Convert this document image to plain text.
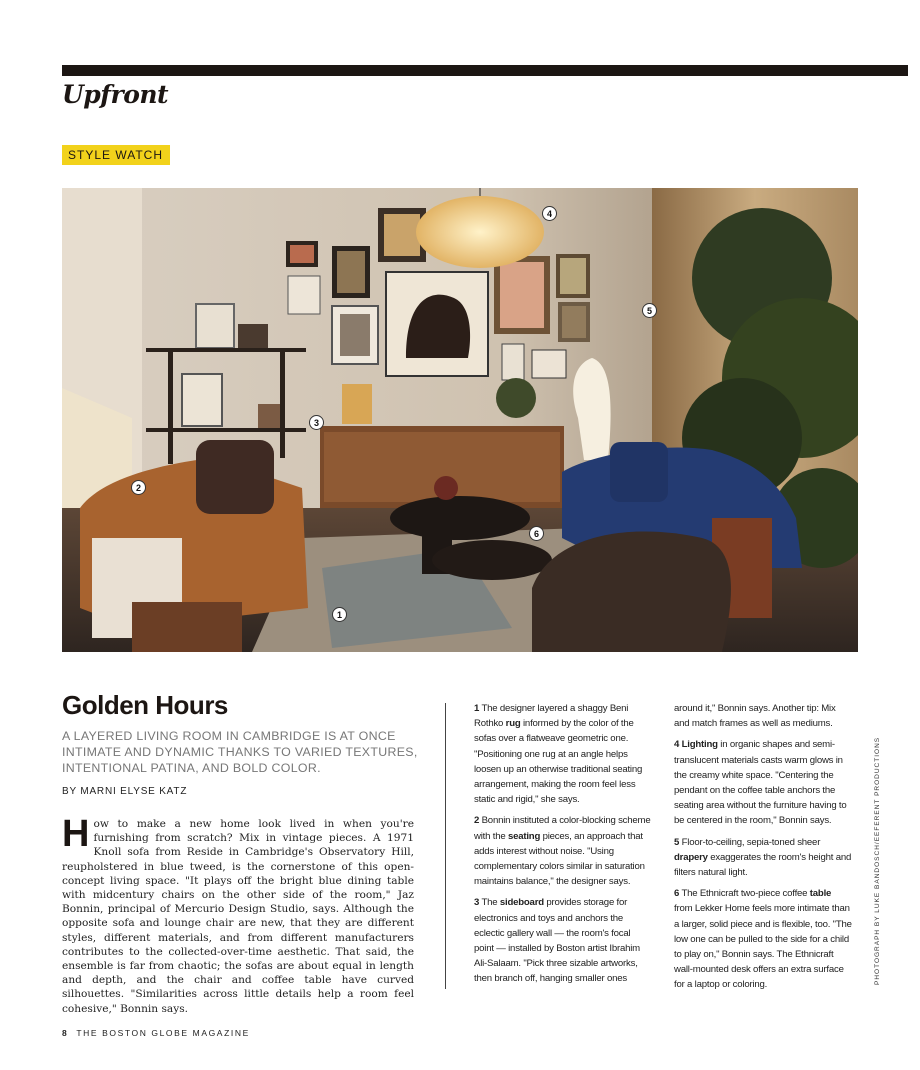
Upfront
STYLE WATCH
1
2
3
4
5
6
Golden Hours
A LAYERED LIVING ROOM IN CAMBRIDGE IS AT ONCE INTIMATE AND DYNAMIC THANKS TO VARIED TEXTURES, INTENTIONAL PATINA, AND BOLD COLOR.
BY MARNI ELYSE KATZ
How to make a new home look lived in when you're furnishing from scratch? Mix in vintage pieces. A 1971 Knoll sofa from Reside in Cambridge's Observatory Hill, reupholstered in blue tweed, is the cornerstone of this open-concept living space. "It plays off the bright blue dining table with midcentury chairs on the other side of the room," Jaz Bonnin, principal of Mercurio Design Studio, says. Although the opposite sofa and lounge chair are new, that they are different styles, different materials, and from different manufacturers contributes to the collected-over-time aesthetic. That said, the ensemble is far from chaotic; the sofas are about equal in length and depth, and the chair and coffee table have curved silhouettes. "Similarities across little details help a room feel cohesive," Bonnin says.

1 The designer layered a shaggy Beni Rothko rug informed by the color of the sofas over a flatweave geometric one. "Positioning one rug at an angle helps loosen up an otherwise traditional seating arrangement, making the room feel less static and rigid," she says.

2 Bonnin instituted a color-blocking scheme with the seating pieces, an approach that adds interest without noise. "Using complementary colors similar in saturation maintains balance," the designer says.

3 The sideboard provides storage for electronics and toys and anchors the eclectic gallery wall — the room's focal point — installed by Boston artist Ibrahim Ali-Salaam. "Pick three sizable artworks, then branch off, hanging smaller ones

around it," Bonnin says. Another tip: Mix and match frames as well as mediums.

4 Lighting in organic shapes and semi-translucent materials casts warm glows in the creamy white space. "Centering the pendant on the coffee table anchors the seating area without the furniture having to be centered in the room," Bonnin says.

5 Floor-to-ceiling, sepia-toned sheer drapery exaggerates the room's height and filters natural light.

6 The Ethnicraft two-piece coffee table from Lekker Home feels more intimate than a larger, solid piece and is flexible, too. "The low one can be pulled to the side for a child to play on," Bonnin says. The Ethnicraft wall-mounted desk offers an extra surface for a laptop or coloring.	PHOTOGRAPH BY LUKE BANDOSCH/EEFERENT PRODUCTIONS
8 THE BOSTON GLOBE MAGAZINE
